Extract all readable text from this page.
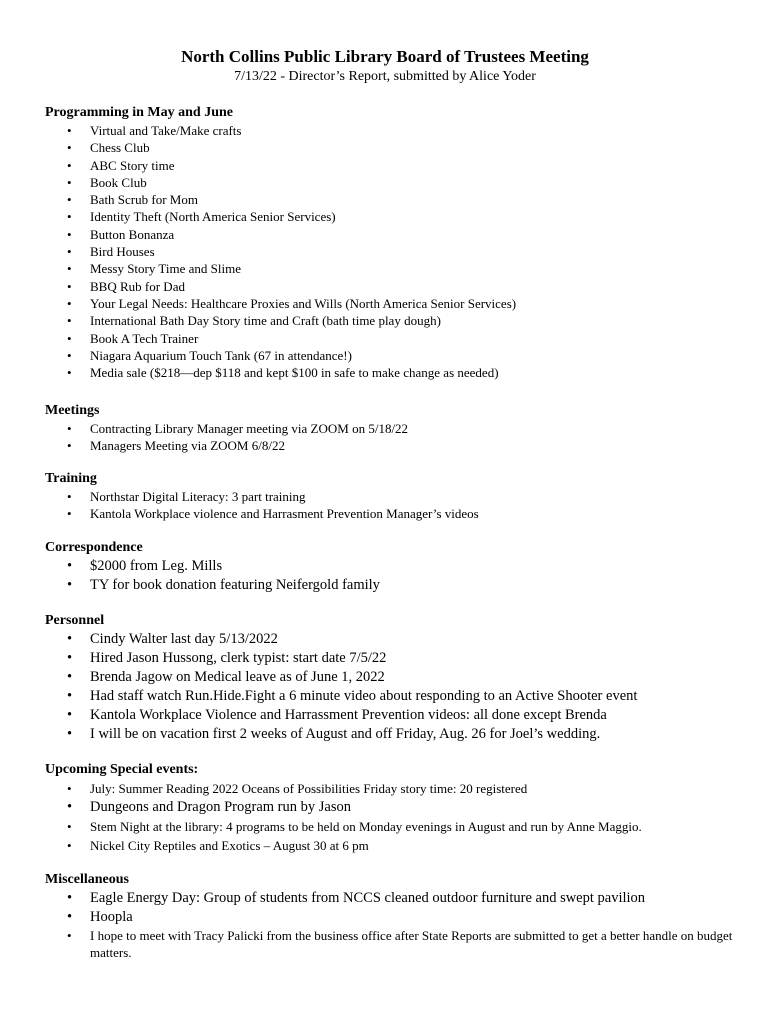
North Collins Public Library Board of Trustees Meeting
7/13/22 - Director’s Report, submitted by Alice Yoder
Programming in May and June
• Virtual and Take/Make crafts
• Chess Club
• ABC Story time
• Book Club
• Bath Scrub for Mom
• Identity Theft (North America Senior Services)
• Button Bonanza
• Bird Houses
• Messy Story Time and Slime
• BBQ Rub for Dad
• Your Legal Needs: Healthcare Proxies and Wills (North America Senior Services)
• International Bath Day Story time and Craft (bath time play dough)
• Book A Tech Trainer
• Niagara Aquarium Touch Tank (67 in attendance!)
• Media sale ($218—dep $118 and kept $100 in safe to make change as needed)
Meetings
• Contracting Library Manager meeting via ZOOM on 5/18/22
• Managers Meeting via ZOOM 6/8/22
Training
• Northstar Digital Literacy: 3 part training
• Kantola Workplace violence and Harrasment Prevention Manager’s videos
Correspondence
• $2000 from Leg. Mills
• TY for book donation featuring Neifergold family
Personnel
• Cindy Walter last day 5/13/2022
• Hired Jason Hussong, clerk typist: start date 7/5/22
• Brenda Jagow on Medical leave as of June 1, 2022
• Had staff watch Run.Hide.Fight a 6 minute video about responding to an Active Shooter event
• Kantola Workplace Violence and Harrassment Prevention videos: all done except Brenda
• I will be on vacation first 2 weeks of August and off Friday, Aug. 26 for Joel’s wedding.
Upcoming Special events:
• July: Summer Reading 2022 Oceans of Possibilities Friday story time: 20 registered
• Dungeons and Dragon Program run by Jason
• Stem Night at the library: 4 programs to be held on Monday evenings in August and run by Anne Maggio.
• Nickel City Reptiles and Exotics – August 30 at 6 pm
Miscellaneous
• Eagle Energy Day: Group of students from NCCS cleaned outdoor furniture and swept pavilion
• Hoopla
• I hope to meet with Tracy Palicki from the business office after State Reports are submitted to get a better handle on budget matters.
